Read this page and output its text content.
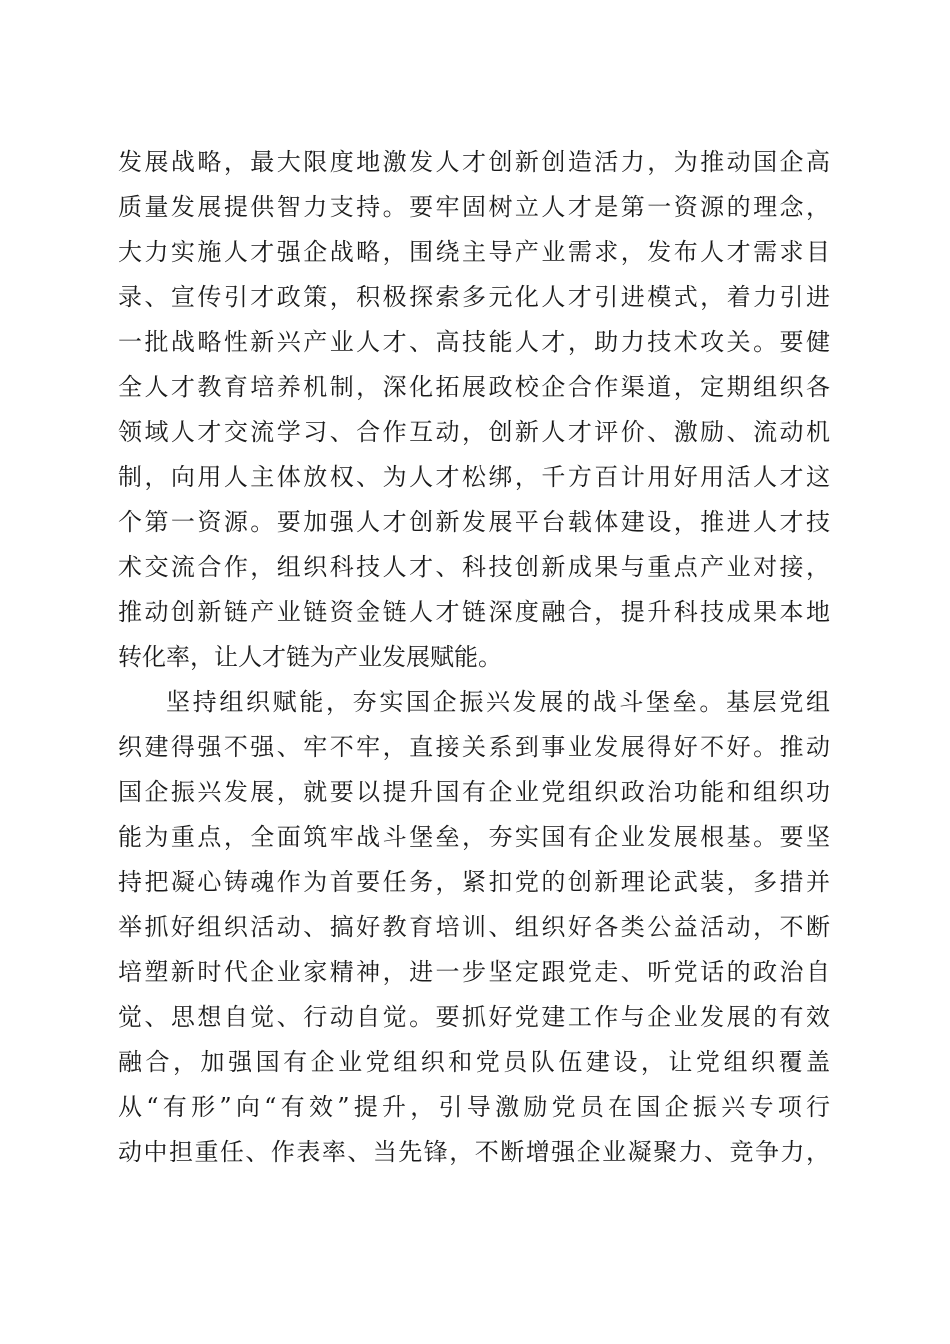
发展战略，最大限度地激发人才创新创造活力，为推动国企高
质量发展提供智力支持。要牢固树立人才是第一资源的理念，
大力实施人才强企战略，围绕主导产业需求，发布人才需求目
录、宣传引才政策，积极探索多元化人才引进模式，着力引进
一批战略性新兴产业人才、高技能人才，助力技术攻关。要健
全人才教育培养机制，深化拓展政校企合作渠道，定期组织各
领域人才交流学习、合作互动，创新人才评价、激励、流动机
制，向用人主体放权、为人才松绑，千方百计用好用活人才这
个第一资源。要加强人才创新发展平台载体建设，推进人才技
术交流合作，组织科技人才、科技创新成果与重点产业对接，
推动创新链产业链资金链人才链深度融合，提升科技成果本地
转化率，让人才链为产业发展赋能。
坚持组织赋能，夯实国企振兴发展的战斗堡垒。基层党组
织建得强不强、牢不牢，直接关系到事业发展得好不好。推动
国企振兴发展，就要以提升国有企业党组织政治功能和组织功
能为重点，全面筑牢战斗堡垒，夯实国有企业发展根基。要坚
持把凝心铸魂作为首要任务，紧扣党的创新理论武装，多措并
举抓好组织活动、搞好教育培训、组织好各类公益活动，不断
培塑新时代企业家精神，进一步坚定跟党走、听党话的政治自
觉、思想自觉、行动自觉。要抓好党建工作与企业发展的有效
融合，加强国有企业党组织和党员队伍建设，让党组织覆盖
从“有形”向“有效”提升，引导激励党员在国企振兴专项行
动中担重任、作表率、当先锋，不断增强企业凝聚力、竞争力，
